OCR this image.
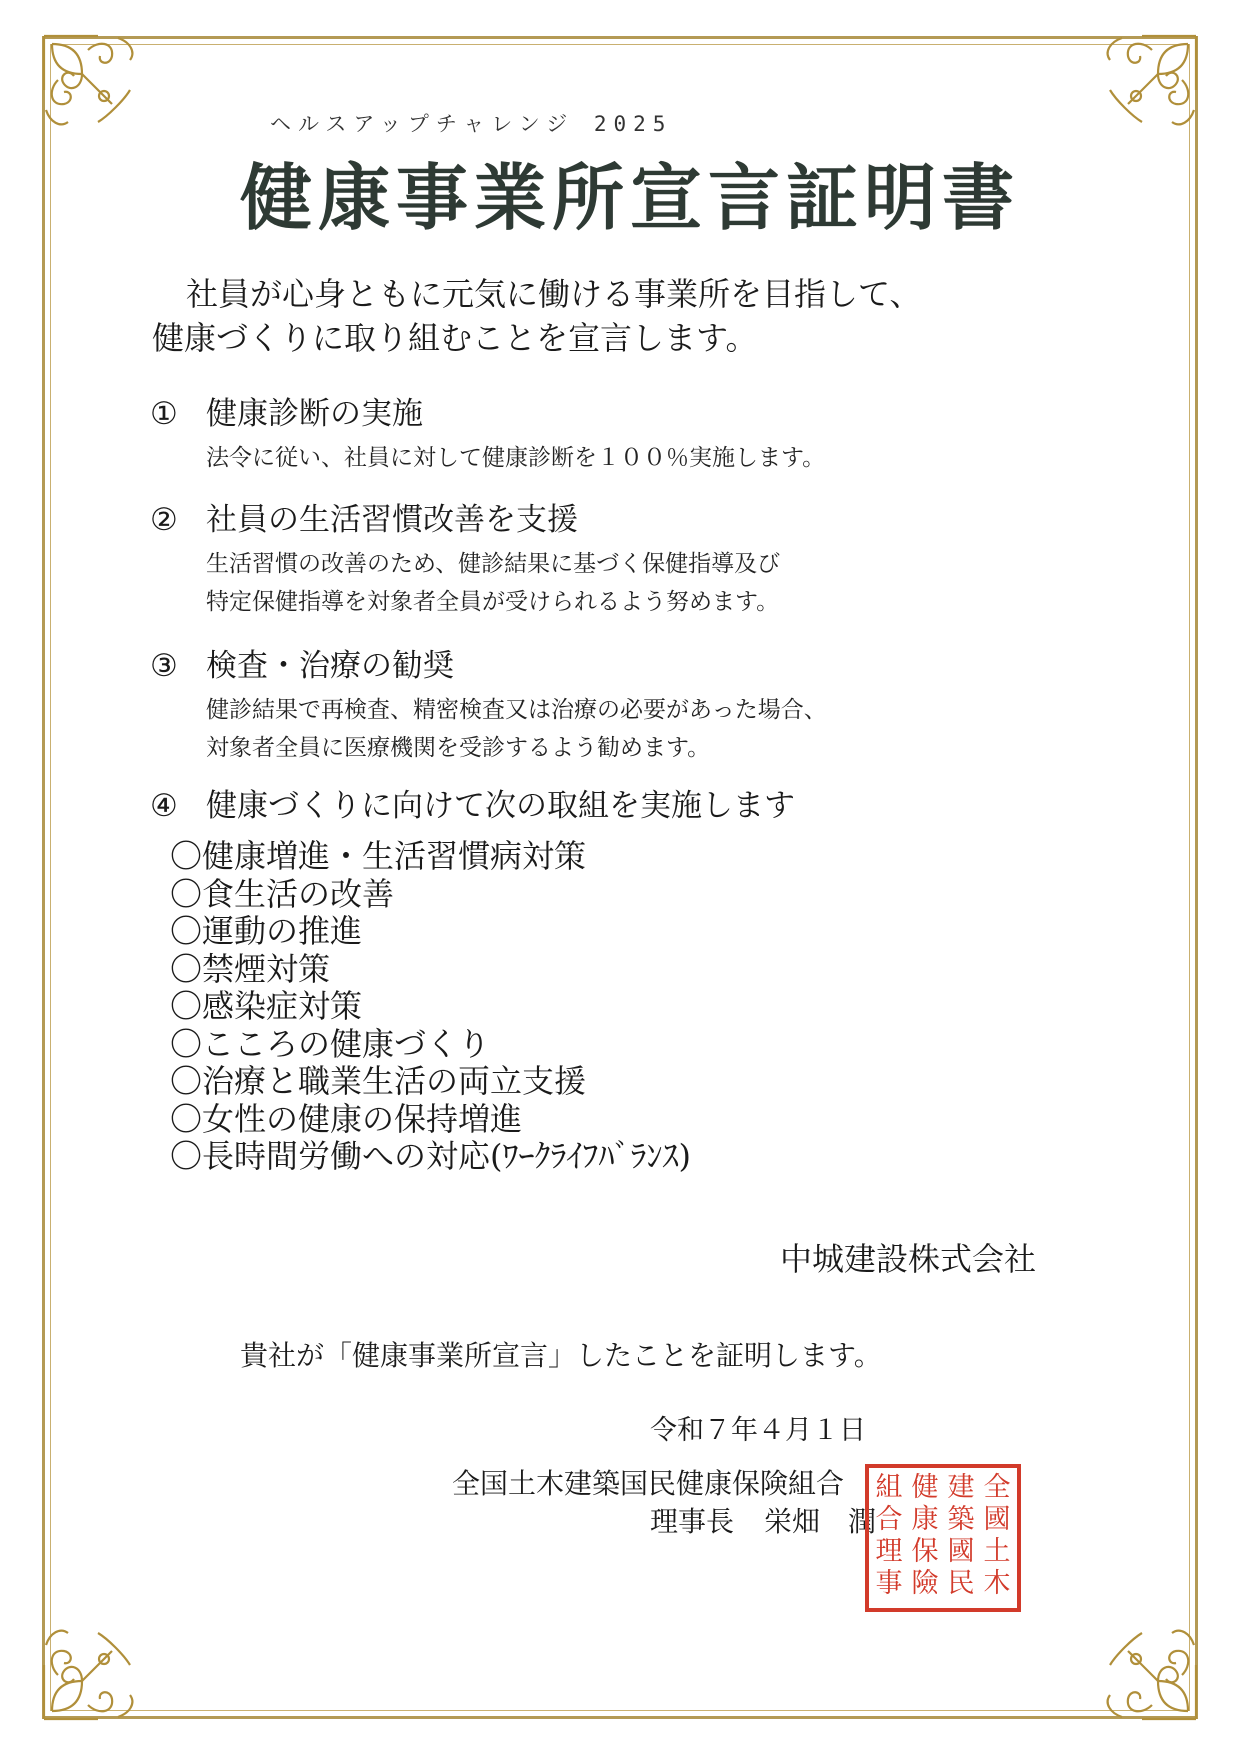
ヘルスアップチャレンジ 2025
健康事業所宣言証明書
社員が心身ともに元気に働ける事業所を目指して、
健康づくりに取り組むことを宣言します。
① 健康診断の実施
法令に従い、社員に対して健康診断を１００％実施します。
② 社員の生活習慣改善を支援
生活習慣の改善のため、健診結果に基づく保健指導及び
特定保健指導を対象者全員が受けられるよう努めます。
③ 検査・治療の勧奨
健診結果で再検査、精密検査又は治療の必要があった場合、
対象者全員に医療機関を受診するよう勧めます。
④ 健康づくりに向けて次の取組を実施します
〇健康増進・生活習慣病対策
〇食生活の改善
〇運動の推進
〇禁煙対策
〇感染症対策
〇こころの健康づくり
〇治療と職業生活の両立支援
〇女性の健康の保持増進
〇長時間労働への対応(ﾜｰｸﾗｲﾌﾊﾞﾗﾝｽ)
中城建設株式会社
貴社が「健康事業所宣言」したことを証明します。
令和７年４月１日
全国土木建築国民健康保険組合
理事長 栄畑　潤
全
國
土
木
建
築
國
民
健
康
保
險
組
合
理
事
